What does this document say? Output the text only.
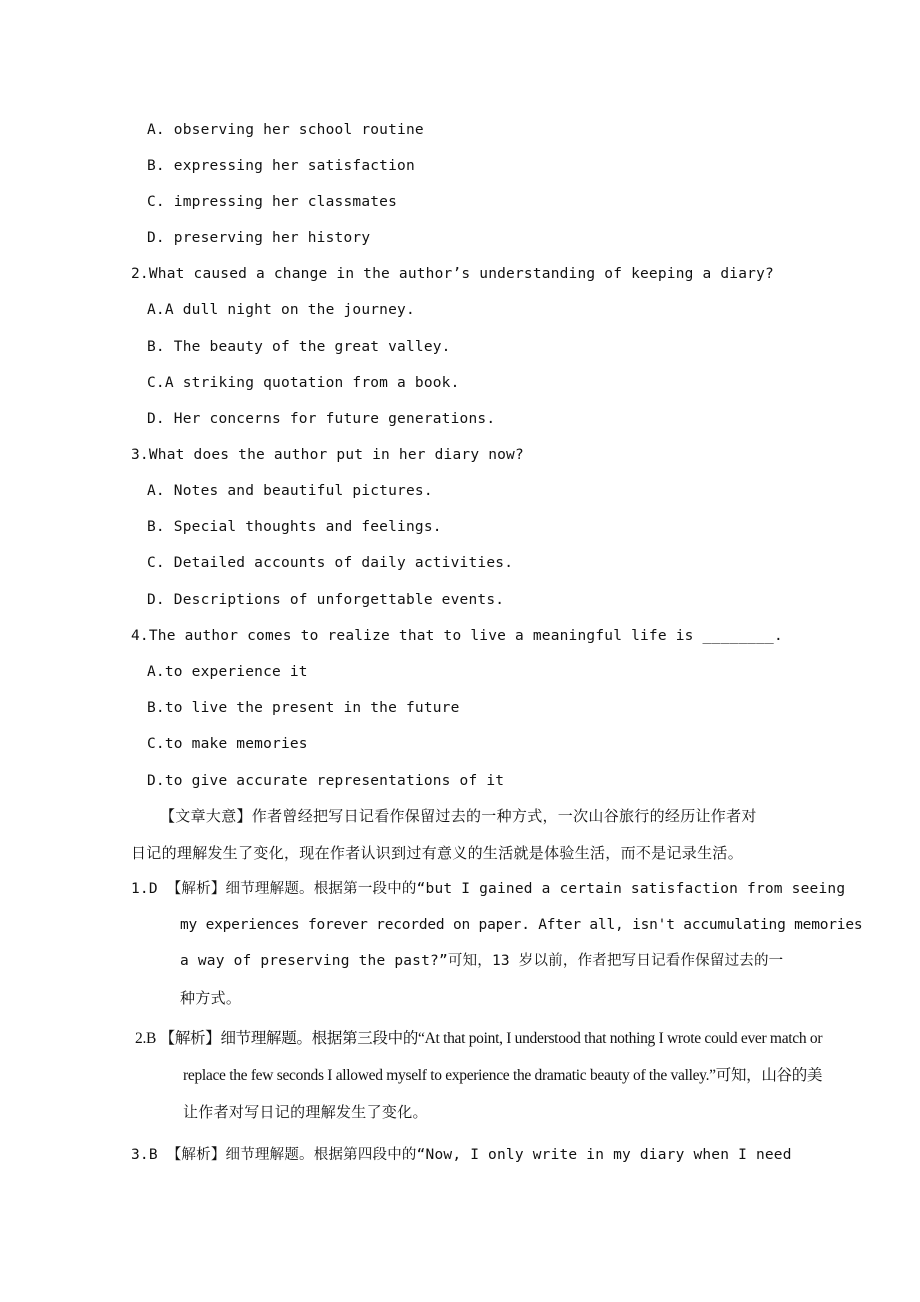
A. observing her school routine
B. expressing her satisfaction
C. impressing her classmates
D. preserving her history
2.What caused a change in the author’s understanding of keeping a diary?
A.A dull night on the journey.
B. The beauty of the great valley.
C.A striking quotation from a book.
D. Her concerns for future generations.
3.What does the author put in her diary now?
A. Notes and beautiful pictures.
B. Special thoughts and feelings.
C. Detailed accounts of daily activities.
D. Descriptions of unforgettable events.
4.The author comes to realize that to live a meaningful life is ________.
A.to experience it
B.to live the present in the future
C.to make memories
D.to give accurate representations of it
【文章大意】作者曾经把写日记看作保留过去的一种方式，一次山谷旅行的经历让作者对
日记的理解发生了变化，现在作者认识到过有意义的生活就是体验生活，而不是记录生活。
1.D 【解析】细节理解题。根据第一段中的“but I gained a certain satisfaction from seeing
my experiences forever recorded on paper. After all, isn't accumulating memories
a way of preserving the past?”可知，13 岁以前，作者把写日记看作保留过去的一
种方式。
2.B 【解析】细节理解题。根据第三段中的“At that point, I understood that nothing I wrote could ever match or
replace the few seconds I allowed myself to experience the dramatic beauty of the valley.”可知，山谷的美
让作者对写日记的理解发生了变化。
3.B 【解析】细节理解题。根据第四段中的“Now, I only write in my diary when I need
